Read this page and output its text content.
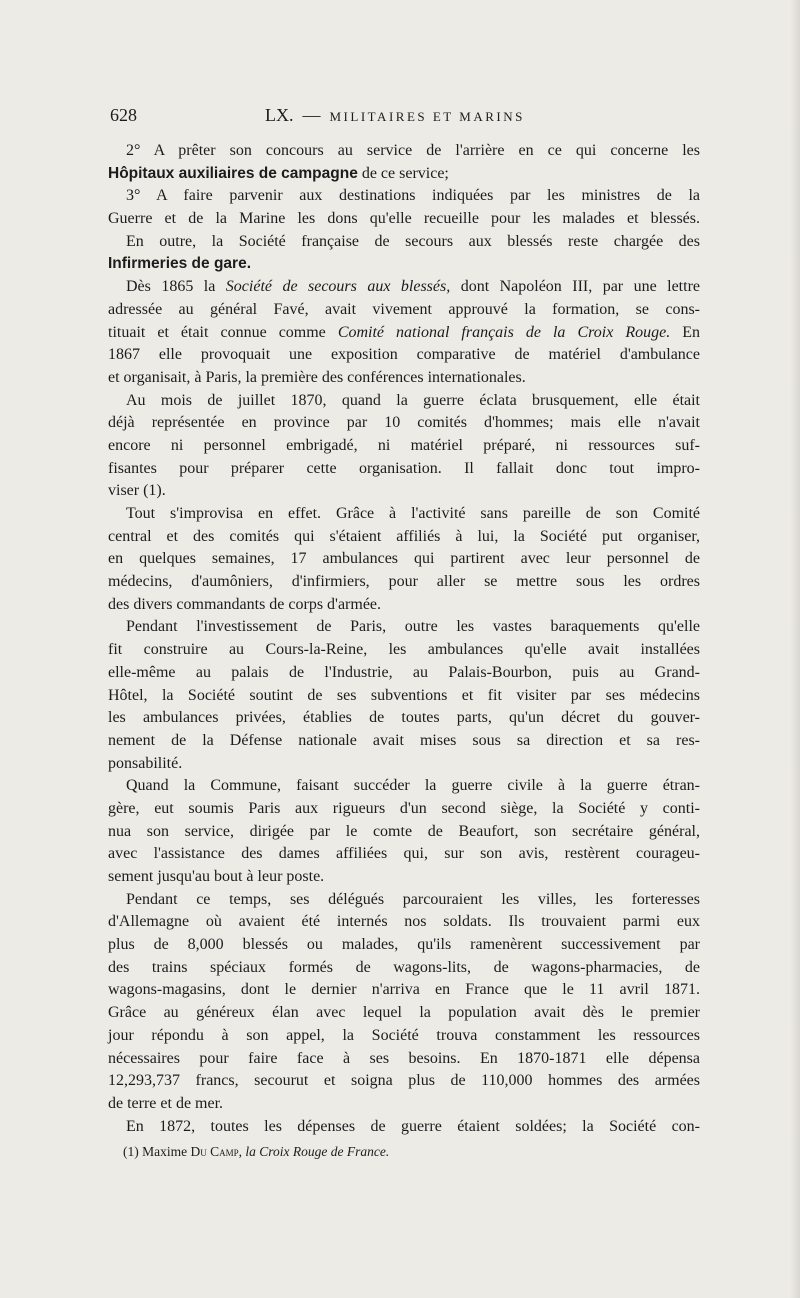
628	LX. — MILITAIRES ET MARINS
2° A prêter son concours au service de l'arrière en ce qui concerne les
Hôpitaux auxiliaires de campagne de ce service;
3° A faire parvenir aux destinations indiquées par les ministres de la
Guerre et de la Marine les dons qu'elle recueille pour les malades et blessés.
En outre, la Société française de secours aux blessés reste chargée des
Infirmeries de gare.
Dès 1865 la Société de secours aux blessés, dont Napoléon III, par une lettre
adressée au général Favé, avait vivement approuvé la formation, se cons-
tituait et était connue comme Comité national français de la Croix Rouge. En
1867 elle provoquait une exposition comparative de matériel d'ambulance
et organisait, à Paris, la première des conférences internationales.
Au mois de juillet 1870, quand la guerre éclata brusquement, elle était
déjà représentée en province par 10 comités d'hommes; mais elle n'avait
encore ni personnel embrigadé, ni matériel préparé, ni ressources suf-
fisantes pour préparer cette organisation. Il fallait donc tout impro-
viser (1).
Tout s'improvisa en effet. Grâce à l'activité sans pareille de son Comité
central et des comités qui s'étaient affiliés à lui, la Société put organiser,
en quelques semaines, 17 ambulances qui partirent avec leur personnel de
médecins, d'aumôniers, d'infirmiers, pour aller se mettre sous les ordres
des divers commandants de corps d'armée.
Pendant l'investissement de Paris, outre les vastes baraquements qu'elle
fit construire au Cours-la-Reine, les ambulances qu'elle avait installées
elle-même au palais de l'Industrie, au Palais-Bourbon, puis au Grand-
Hôtel, la Société soutint de ses subventions et fit visiter par ses médecins
les ambulances privées, établies de toutes parts, qu'un décret du gouver-
nement de la Défense nationale avait mises sous sa direction et sa res-
ponsabilité.
Quand la Commune, faisant succéder la guerre civile à la guerre étran-
gère, eut soumis Paris aux rigueurs d'un second siège, la Société y conti-
nua son service, dirigée par le comte de Beaufort, son secrétaire général,
avec l'assistance des dames affiliées qui, sur son avis, restèrent courageu-
sement jusqu'au bout à leur poste.
Pendant ce temps, ses délégués parcouraient les villes, les forteresses
d'Allemagne où avaient été internés nos soldats. Ils trouvaient parmi eux
plus de 8,000 blessés ou malades, qu'ils ramenèrent successivement par
des trains spéciaux formés de wagons-lits, de wagons-pharmacies, de
wagons-magasins, dont le dernier n'arriva en France que le 11 avril 1871.
Grâce au généreux élan avec lequel la population avait dès le premier
jour répondu à son appel, la Société trouva constamment les ressources
nécessaires pour faire face à ses besoins. En 1870-1871 elle dépensa
12,293,737 francs, secourut et soigna plus de 110,000 hommes des armées
de terre et de mer.
En 1872, toutes les dépenses de guerre étaient soldées; la Société con-
(1) Maxime Du Camp, la Croix Rouge de France.
